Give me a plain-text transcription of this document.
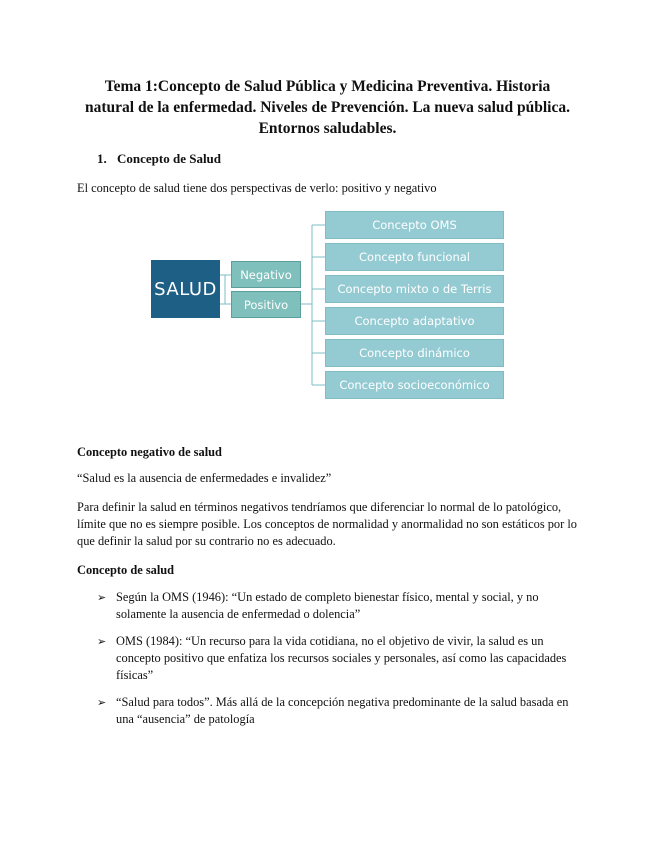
Tema 1:Concepto de Salud Pública y Medicina Preventiva. Historia natural de la enfermedad. Niveles de Prevención. La nueva salud pública. Entornos saludables.
1. Concepto de Salud

El concepto de salud tiene dos perspectivas de verlo: positivo y negativo

SALUD
Negativo
Positivo
Concepto OMS
Concepto funcional
Concepto mixto o de Terris
Concepto adaptativo
Concepto dinámico
Concepto socioeconómico
Concepto negativo de salud

“Salud es la ausencia de enfermedades e invalidez”

Para definir la salud en términos negativos tendríamos que diferenciar lo normal de lo patológico, límite que no es siempre posible. Los conceptos de normalidad y anormalidad no son estáticos por lo que definir la salud por su contrario no es adecuado.

Concepto de salud
➢ Según la OMS (1946): “Un estado de completo bienestar físico, mental y social, y no solamente la ausencia de enfermedad o dolencia”
➢ OMS (1984): “Un recurso para la vida cotidiana, no el objetivo de vivir, la salud es un concepto positivo que enfatiza los recursos sociales y personales, así como las capacidades físicas”
➢ “Salud para todos”. Más allá de la concepción negativa predominante de la salud basada en una “ausencia” de patología
